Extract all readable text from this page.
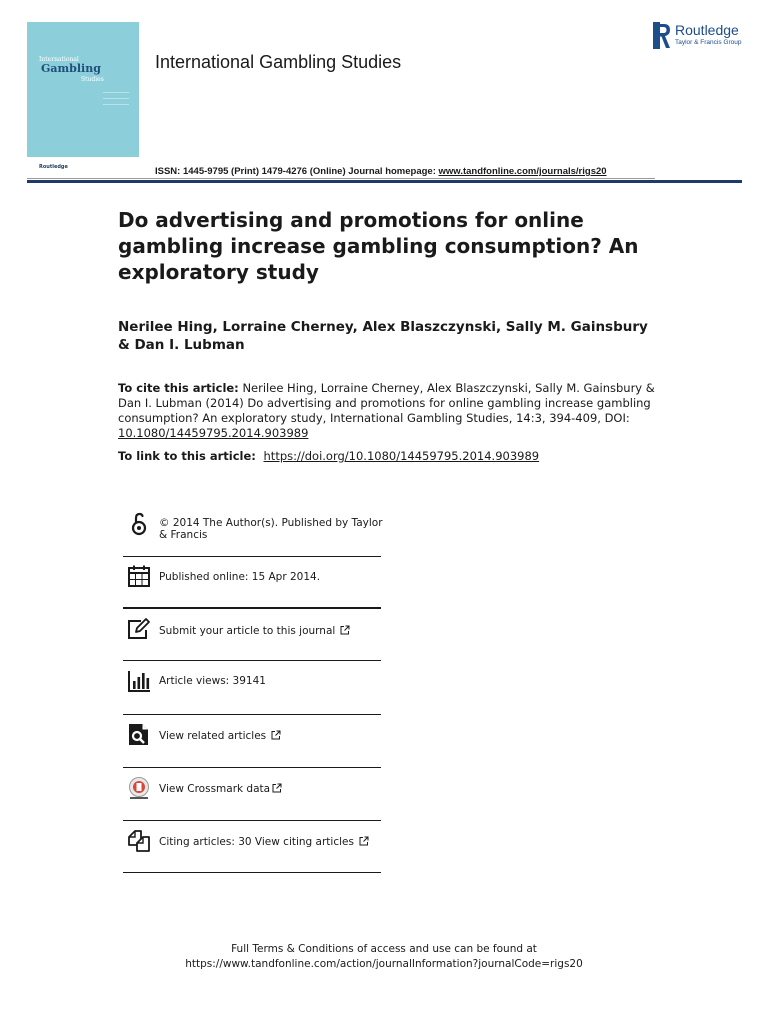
International
Gambling
Studies
Routledge
International Gambling Studies
Routledge
Taylor & Francis Group
ISSN: 1445-9795 (Print) 1479-4276 (Online) Journal homepage: www.tandfonline.com/journals/rigs20
Do advertising and promotions for online gambling increase gambling consumption? An exploratory study
Nerilee Hing, Lorraine Cherney, Alex Blaszczynski, Sally M. Gainsbury & Dan I. Lubman
To cite this article: Nerilee Hing, Lorraine Cherney, Alex Blaszczynski, Sally M. Gainsbury & Dan I. Lubman (2014) Do advertising and promotions for online gambling increase gambling consumption? An exploratory study, International Gambling Studies, 14:3, 394-409, DOI: 10.1080/14459795.2014.903989
To link to this article: https://doi.org/10.1080/14459795.2014.903989
© 2014 The Author(s). Published by Taylor & Francis
Published online: 15 Apr 2014.
Submit your article to this journal
Article views: 39141
View related articles
View Crossmark data
Citing articles: 30 View citing articles
Full Terms & Conditions of access and use can be found at
https://www.tandfonline.com/action/journalInformation?journalCode=rigs20
